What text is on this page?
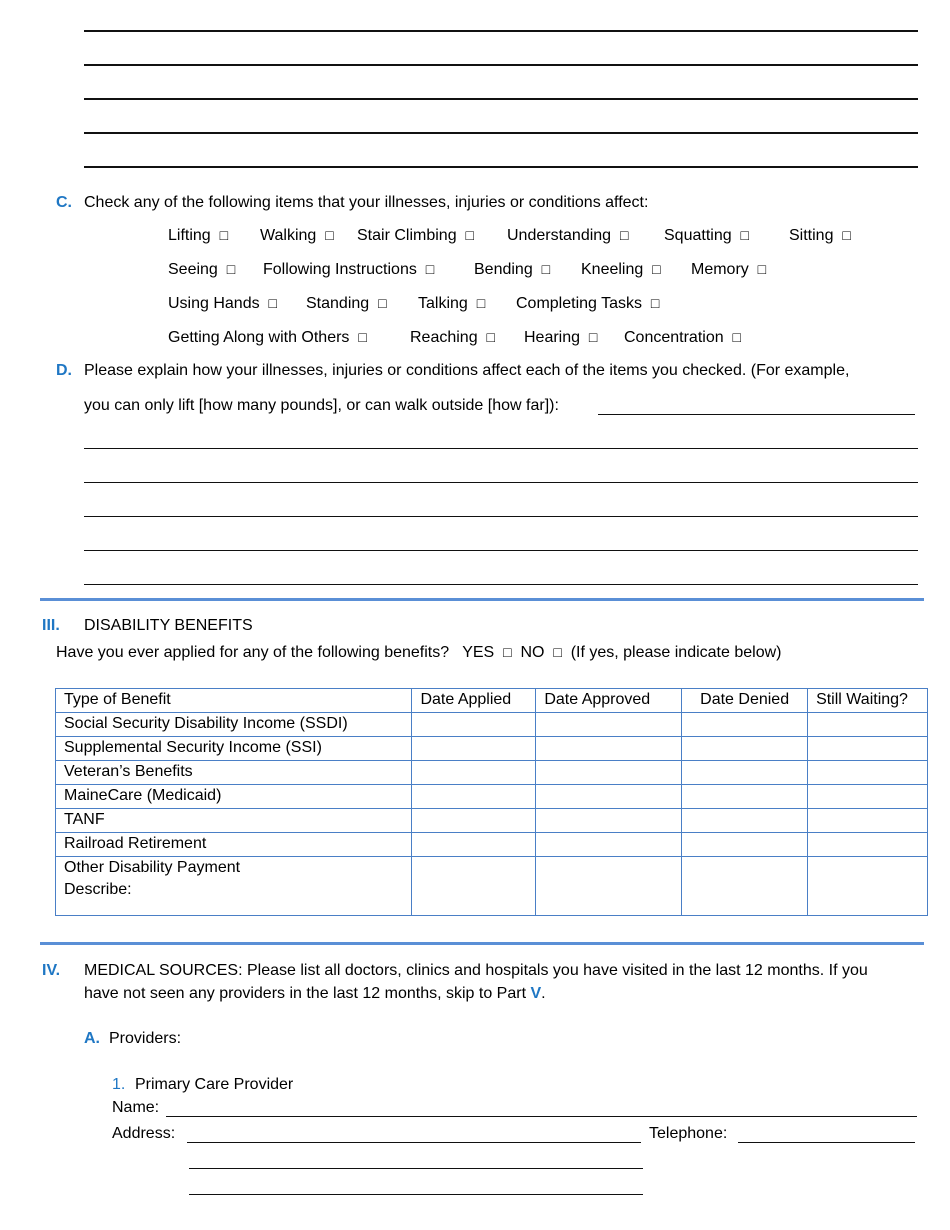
C. Check any of the following items that your illnesses, injuries or conditions affect:
Lifting □ Walking □ Stair Climbing □ Understanding □ Squatting □	Sitting □
Seeing □ Following Instructions □ Bending □ Kneeling □ Memory □
Using Hands □ Standing □ Talking □ Completing Tasks □
Getting Along with Others □	Reaching □ Hearing □ Concentration □
D. Please explain how your illnesses, injuries or conditions affect each of the items you checked. (For example,
you can only lift [how many pounds], or can walk outside [how far]):
III. DISABILITY BENEFITS
Have you ever applied for any of the following benefits? YES □ NO □ (If yes, please indicate below)
Type of Benefit	Date Applied	Date Approved	Date Denied	Still Waiting?
Social Security Disability Income (SSDI)				
Supplemental Security Income (SSI)				
Veteran’s Benefits				
MaineCare (Medicaid)				
TANF				
Railroad Retirement				

Other Disability Payment
Describe:				

IV. MEDICAL SOURCES: Please list all doctors, clinics and hospitals you have visited in the last 12 months. If you
have not seen any providers in the last 12 months, skip to Part V.
A. Providers:
1. Primary Care Provider
Name:
Address:	Telephone:
